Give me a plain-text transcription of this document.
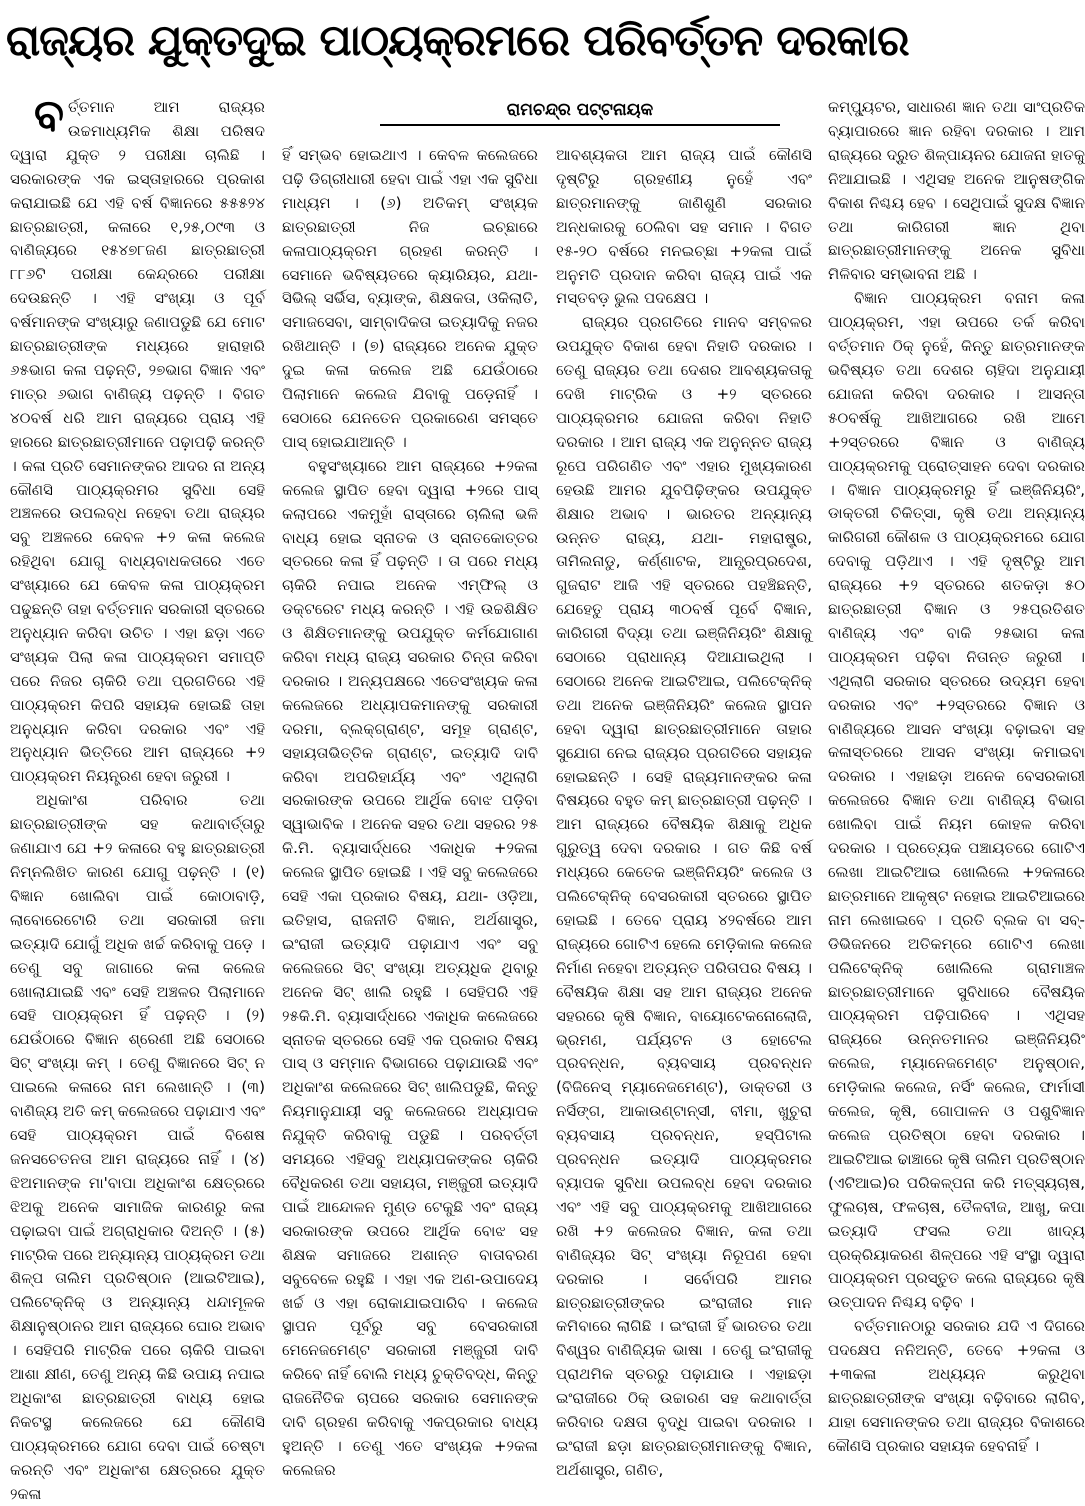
ରାଜ୍ୟର ଯୁକ୍ତଦୁଇ ପାଠ୍ୟକ୍ରମରେ ପରିବର୍ତ୍ତନ ଦରକାର
ରାମଚନ୍ଦ୍ର ପଟ୍ଟନାୟକ

ବର୍ତ୍ତମାନ ଆମ ରାଜ୍ୟର ଉଚ୍ଚମାଧ୍ୟମିକ ଶିକ୍ଷା ପରିଷଦ ଦ୍ୱାରା ଯୁକ୍ତ ୨ ପରୀକ୍ଷା ଚାଲିଛି । ସରକାରଙ୍କ ଏକ ଇସ୍ତାହାରରେ ପ୍ରକାଶ କରାଯାଇଛି ଯେ ଏହି ବର୍ଷ ବିଜ୍ଞାନରେ ୫୫୫୨୪ ଛାତ୍ରଛାତ୍ରୀ, କଳାରେ ୧,୨୫,୦୯୩ ଓ ବାଣିଜ୍ୟରେ ୧୫୪୭୮ଜଣ ଛାତ୍ରଛାତ୍ରୀ ୮୮୬ଟି ପରୀକ୍ଷା କେନ୍ଦ୍ରରେ ପରୀକ୍ଷା ଦେଉଛନ୍ତି । ଏହି ସଂଖ୍ୟା ଓ ପୂର୍ବ ବର୍ଷମାନଙ୍କ ସଂଖ୍ୟାରୁ ଜଣାପଡୁଛି ଯେ ମୋଟ ଛାତ୍ରଛାତ୍ରୀଙ୍କ ମଧ୍ୟରେ ହାରାହାରି ୬୫ଭାଗ କଳା ପଢ଼ନ୍ତି, ୨୭ଭାଗ ବିଜ୍ଞାନ ଏବଂ ମାତ୍ର ୬ଭାଗ ବାଣିଜ୍ୟ ପଢ଼ନ୍ତି । ବିଗତ ୪୦ବର୍ଷ ଧରି ଆମ ରାଜ୍ୟରେ ପ୍ରାୟ ଏହି ହାରରେ ଛାତ୍ରଛାତ୍ରୀମାନେ ପଢ଼ାପଢ଼ି କରନ୍ତି । କଳା ପ୍ରତି ସେମାନଙ୍କର ଆଦର ନା ଅନ୍ୟ କୌଣସି ପାଠ୍ୟକ୍ରମର ସୁବିଧା ସେହି ଅଞ୍ଚଳରେ ଉପଲବ୍ଧ ନହେବା ତଥା ରାଜ୍ୟର ସବୁ ଅଞ୍ଚଳରେ କେବଳ +୨ କଳା କଲେଜ ରହିଥିବା ଯୋଗୁ ବାଧ୍ୟବାଧକତାରେ ଏତେ ସଂଖ୍ୟାରେ ଯେ କେବଳ କଳା ପାଠ୍ୟକ୍ରମ ପଢୁଛନ୍ତି ତାହା ବର୍ତ୍ତମାନ ସରକାରୀ ସ୍ତରରେ ଅନୁଧ୍ୟାନ କରିବା ଉଚିତ । ଏହା ଛଡ଼ା ଏତେ ସଂଖ୍ୟକ ପିଲା କଳା ପାଠ୍ୟକ୍ରମ ସମାପ୍ତି ପରେ ନିଜର ଚାକିରି ତଥା ପ୍ରଗତିରେ ଏହି ପାଠ୍ୟକ୍ରମ କିପରି ସହାୟକ ହୋଇଛି ତାହା ଅନୁଧ୍ୟାନ କରିବା ଦରକାର ଏବଂ ଏହି ଅନୁଧ୍ୟାନ ଭିତ୍ତିରେ ଆମ ରାଜ୍ୟରେ +୨ ପାଠ୍ୟକ୍ରମ ନିୟନ୍ତ୍ରଣ ହେବା ଜରୁରୀ ।

ଅଧିକାଂଶ ପରିବାର ତଥା ଛାତ୍ରଛାତ୍ରୀଙ୍କ ସହ କଥାବାର୍ତ୍ତାରୁ ଜଣାଯାଏ ଯେ +୨ କଳାରେ ବହୁ ଛାତ୍ରଛାତ୍ରୀ ନିମ୍ନଲିଖିତ କାରଣ ଯୋଗୁ ପଢ଼ନ୍ତି । (୧) ବିଜ୍ଞାନ ଖୋଲିବା ପାଇଁ କୋଠାବାଡ଼ି, ଲାବୋରେଟୋରି ତଥା ସରକାରୀ ଜମା ଇତ୍ୟାଦି ଯୋଗୁଁ ଅଧିକ ଖର୍ଚ୍ଚ କରିବାକୁ ପଡ଼େ । ତେଣୁ ସବୁ ଜାଗାରେ କଳା କଲେଜ ଖୋଲାଯାଇଛି ଏବଂ ସେହି ଅଞ୍ଚଳର ପିଲାମାନେ ସେହି ପାଠ୍ୟକ୍ରମ ହିଁ ପଢ଼ନ୍ତି । (୨) ଯେଉଁଠାରେ ବିଜ୍ଞାନ ଶ୍ରେଣୀ ଅଛି ସେଠାରେ ସିଟ୍ ସଂଖ୍ୟା କମ୍ । ତେଣୁ ବିଜ୍ଞାନରେ ସିଟ୍ ନ ପାଇଲେ କଳାରେ ନାମ ଲେଖାନ୍ତି । (୩) ବାଣିଜ୍ୟ ଅତି କମ୍ କଲେଜରେ ପଢ଼ାଯାଏ ଏବଂ ସେହି ପାଠ୍ୟକ୍ରମ ପାଇଁ ବିଶେଷ ଜନସଚେତନତା ଆମ ରାଜ୍ୟରେ ନାହିଁ । (୪) ଝିଅମାନଙ୍କ ମା'ବାପା ଅଧିକାଂଶ କ୍ଷେତ୍ରରେ ଝିଅକୁ ଅନେକ ସାମାଜିକ କାରଣରୁ କଳା ପଢ଼ାଇବା ପାଇଁ ଅଗ୍ରାଧିକାର ଦିଅନ୍ତି । (୫) ମାଟ୍ରିକ ପରେ ଅନ୍ୟାନ୍ୟ ପାଠ୍ୟକ୍ରମ ତଥା ଶିଳ୍ପ ତାଲିମ ପ୍ରତିଷ୍ଠାନ (ଆଇଟିଆଇ), ପଲିଟେକ୍ନିକ୍ ଓ ଅନ୍ୟାନ୍ୟ ଧନ୍ଦାମୂଳକ ଶିକ୍ଷାନୁଷ୍ଠାନର ଆମ ରାଜ୍ୟରେ ଘୋର ଅଭାବ । ସେହିପରି ମାଟ୍ରିକ ପରେ ଚାକିରି ପାଇବା ଆଶା କ୍ଷୀଣ, ତେଣୁ ଅନ୍ୟ କିଛି ଉପାୟ ନପାଇ ଅଧିକାଂଶ ଛାତ୍ରଛାତ୍ରୀ ବାଧ୍ୟ ହୋଇ ନିକଟସ୍ଥ କଲେଜରେ ଯେ କୌଣସି ପାଠ୍ୟକ୍ରମରେ ଯୋଗ ଦେବା ପାଇଁ ଚେଷ୍ଟା କରନ୍ତି ଏବଂ ଅଧିକାଂଶ କ୍ଷେତ୍ରରେ ଯୁକ୍ତ ୨କଳା

ହିଁ ସମ୍ଭବ ହୋଇଥାଏ । କେବଳ କଲେଜରେ ପଢ଼ି ଡିଗ୍ରୀଧାରୀ ହେବା ପାଇଁ ଏହା ଏକ ସୁବିଧା ମାଧ୍ୟମ । (୬) ଅତିକମ୍ ସଂଖ୍ୟକ ଛାତ୍ରଛାତ୍ରୀ ନିଜ ଇଚ୍ଛାରେ କଳାପାଠ୍ୟକ୍ରମ ଗ୍ରହଣ କରନ୍ତି । ସେମାନେ ଭବିଷ୍ୟତରେ କ୍ୟାରିୟର, ଯଥା- ସିଭିଲ୍ ସର୍ଭିସ, ବ୍ୟାଙ୍କ, ଶିକ୍ଷକତା, ଓକିଲାତି, ସମାଜସେବା, ସାମ୍ବାଦିକତା ଇତ୍ୟାଦିକୁ ନଜର ରଖିଥାନ୍ତି । (୭) ରାଜ୍ୟରେ ଅନେକ ଯୁକ୍ତ ଦୁଇ କଳା କଲେଜ ଅଛି ଯେଉଁଠାରେ ପିଲାମାନେ କଲେଜ ଯିବାକୁ ପଡ଼େନାହିଁ । ସେଠାରେ ଯେନତେନ ପ୍ରକାରେଣ ସମସ୍ତେ ପାସ୍ ହୋଇଯାଆନ୍ତି ।

ବହୁସଂଖ୍ୟାରେ ଆମ ରାଜ୍ୟରେ +୨କଳା କଲେଜ ସ୍ଥାପିତ ହେବା ଦ୍ୱାରା +୨ରେ ପାସ୍ କଲାପରେ ଏକମୁହାଁ ରାସ୍ତାରେ ଚାଲିଲା ଭଳି ବାଧ୍ୟ ହୋଇ ସ୍ନାତକ ଓ ସ୍ନାତକୋତ୍ତର ସ୍ତରରେ କଳା ହିଁ ପଢ଼ନ୍ତି । ତା ପରେ ମଧ୍ୟ ଚାକିରି ନପାଇ ଅନେକ ଏମ୍‌ଫିଲ୍ ଓ ଡକ୍ଟରେଟ ମଧ୍ୟ କରନ୍ତି । ଏହି ଉଚ୍ଚଶିକ୍ଷିତ ଓ ଶିକ୍ଷିତମାନଙ୍କୁ ଉପଯୁକ୍ତ କର୍ମଯୋଗାଣ କରିବା ମଧ୍ୟ ରାଜ୍ୟ ସରକାର ଚିନ୍ତା କରିବା ଦରକାର । ଅନ୍ୟପକ୍ଷରେ ଏତେସଂଖ୍ୟକ କଳା କଲେଜରେ ଅଧ୍ୟାପକମାନଙ୍କୁ ସରକାରୀ ଦରମା, ବ୍ଲକ୍‌ଗ୍ରାଣ୍ଟ, ସମୂହ ଗ୍ରାଣ୍ଟ, ସହାୟତାଭିତ୍ତିକ ଗ୍ରାଣ୍ଟ, ଇତ୍ୟାଦି ଦାବି କରିବା ଅପରିହାର୍ଯ୍ୟ ଏବଂ ଏଥିଲାଗି ସରକାରଙ୍କ ଉପରେ ଆର୍ଥିକ ବୋଝ ପଡ଼ିବା ସ୍ୱାଭାବିକ । ଅନେକ ସହର ତଥା ସହରର ୨୫ କି.ମି. ବ୍ୟାସାର୍ଦ୍ଧରେ ଏକାଧିକ +୨କଳା କଲେଜ ସ୍ଥାପିତ ହୋଇଛି । ଏହି ସବୁ କଲେଜରେ ସେହି ଏକା ପ୍ରକାର ବିଷୟ, ଯଥା- ଓଡ଼ିଆ, ଇତିହାସ, ରାଜନୀତି ବିଜ୍ଞାନ, ଅର୍ଥଶାସ୍ତ୍ର, ଇଂରାଜୀ ଇତ୍ୟାଦି ପଢ଼ାଯାଏ ଏବଂ ସବୁ କଲେଜରେ ସିଟ୍ ସଂଖ୍ୟା ଅତ୍ୟଧିକ ଥିବାରୁ ଅନେକ ସିଟ୍ ଖାଲି ରହୁଛି । ସେହିପରି ଏହି ୨୫କି.ମି. ବ୍ୟାସାର୍ଦ୍ଧରେ ଏକାଧିକ କଲେଜରେ ସ୍ନାତକ ସ୍ତରରେ ସେହି ଏକ ପ୍ରକାର ବିଷୟ ପାସ୍ ଓ ସମ୍ମାନ ବିଭାଗରେ ପଢ଼ାଯାଉଛି ଏବଂ ଅଧିକାଂଶ କଲେଜରେ ସିଟ୍ ଖାଲିପଡୁଛି, କିନ୍ତୁ ନିୟମାନୁଯାୟୀ ସବୁ କଲେଜରେ ଅଧ୍ୟାପକ ନିଯୁକ୍ତି କରିବାକୁ ପଡୁଛି । ପରବର୍ତ୍ତୀ ସମୟରେ ଏହିସବୁ ଅଧ୍ୟାପକଙ୍କର ଚାକିରି ବୈଧିକରଣ ତଥା ସହାୟତା, ମଞ୍ଜୁରୀ ଇତ୍ୟାଦି ପାଇଁ ଆନ୍ଦୋଳନ ମୁଣ୍ଡ ଟେକୁଛି ଏବଂ ରାଜ୍ୟ ସରକାରଙ୍କ ଉପରେ ଆର୍ଥିକ ବୋଝ ସହ ଶିକ୍ଷକ ସମାଜରେ ଅଶାନ୍ତ ବାତାବରଣ ସବୁବେଳେ ରହୁଛି । ଏହା ଏକ ଅଣ-ଉପାଦେୟ ଖର୍ଚ୍ଚ ଓ ଏହା ରୋକାଯାଇପାରିବ । କଲେଜ ସ୍ଥାପନ ପୂର୍ବରୁ ସବୁ ବେସରକାରୀ ମେନେଜମେଣ୍ଟ ସରକାରୀ ମଞ୍ଜୁରୀ ଦାବି କରିବେ ନାହିଁ ବୋଲି ମଧ୍ୟ ଚୁକ୍ତିବଦ୍ଧ, କିନ୍ତୁ ରାଜନୈତିକ ଚାପରେ ସରକାର ସେମାନଙ୍କ ଦାବି ଗ୍ରହଣ କରିବାକୁ ଏକପ୍ରକାର ବାଧ୍ୟ ହୁଅନ୍ତି । ତେଣୁ ଏତେ ସଂଖ୍ୟକ +୨କଳା କଲେଜର

ଆବଶ୍ୟକତା ଆମ ରାଜ୍ୟ ପାଇଁ କୌଣସି ଦୃଷ୍ଟିରୁ ଗ୍ରହଣୀୟ ନୁହେଁ ଏବଂ ଛାତ୍ରମାନଙ୍କୁ ଜାଣିଶୁଣି ସରକାର ଅନ୍ଧକାରକୁ ଠେଲିବା ସହ ସମାନ । ବିଗତ ୧୫-୨୦ ବର୍ଷରେ ମନଇଚ୍ଛା +୨କଳା ପାଇଁ ଅନୁମତି ପ୍ରଦାନ କରିବା ରାଜ୍ୟ ପାଇଁ ଏକ ମସ୍ତବଡ଼ ଭୁଲ ପଦକ୍ଷେପ ।

ରାଜ୍ୟର ପ୍ରଗତିରେ ମାନବ ସମ୍ବଳର ଉପଯୁକ୍ତ ବିକାଶ ହେବା ନିହାତି ଦରକାର । ତେଣୁ ରାଜ୍ୟର ତଥା ଦେଶର ଆବଶ୍ୟକତାକୁ ଦେଖି ମାଟ୍ରିକ ଓ +୨ ସ୍ତରରେ ପାଠ୍ୟକ୍ରମର ଯୋଜନା କରିବା ନିହାତି ଦରକାର । ଆମ ରାଜ୍ୟ ଏକ ଅନୁନ୍ନତ ରାଜ୍ୟ ରୂପେ ପରିଗଣିତ ଏବଂ ଏହାର ମୁଖ୍ୟକାରଣ ହେଉଛି ଆମର ଯୁବପିଢ଼ିଙ୍କର ଉପଯୁକ୍ତ ଶିକ୍ଷାର ଅଭାବ । ଭାରତର ଅନ୍ୟାନ୍ୟ ଉନ୍ନତ ରାଜ୍ୟ, ଯଥା- ମହାରାଷ୍ଟ୍ର, ତାମିଲନାଡୁ, କର୍ଣ୍ଣାଟକ, ଆନ୍ଧ୍ରପ୍ରଦେଶ, ଗୁଜରାଟ ଆଜି ଏହି ସ୍ତରରେ ପହଞ୍ଚିଛନ୍ତି, ଯେହେତୁ ପ୍ରାୟ ୩୦ବର୍ଷ ପୂର୍ବେ ବିଜ୍ଞାନ, କାରିଗରୀ ବିଦ୍ୟା ତଥା ଇଞ୍ଜିନିୟରିଂ ଶିକ୍ଷାକୁ ସେଠାରେ ପ୍ରାଧାନ୍ୟ ଦିଆଯାଇଥିଲା । ସେଠାରେ ଅନେକ ଆଇଟିଆଇ, ପଲିଟେକ୍ନିକ୍ ତଥା ଅନେକ ଇଞ୍ଜିନିୟରିଂ କଲେଜ ସ୍ଥାପନ ହେବା ଦ୍ୱାରା ଛାତ୍ରଛାତ୍ରୀମାନେ ତାହାର ସୁଯୋଗ ନେଇ ରାଜ୍ୟର ପ୍ରଗତିରେ ସହାୟକ ହୋଇଛନ୍ତି । ସେହି ରାଜ୍ୟମାନଙ୍କର କଳା ବିଷୟରେ ବହୁତ କମ୍ ଛାତ୍ରଛାତ୍ରୀ ପଢ଼ନ୍ତି । ଆମ ରାଜ୍ୟରେ ବୈଷୟିକ ଶିକ୍ଷାକୁ ଅଧିକ ଗୁରୁତ୍ୱ ଦେବା ଦରକାର । ଗତ କିଛି ବର୍ଷ ମଧ୍ୟରେ କେତେକ ଇଞ୍ଜିନିୟରିଂ କଲେଜ ଓ ପଲିଟେକ୍ନିକ୍ ବେସରକାରୀ ସ୍ତରରେ ସ୍ଥାପିତ ହୋଇଛି । ତେବେ ପ୍ରାୟ ୪୨ବର୍ଷରେ ଆମ ରାଜ୍ୟରେ ଗୋଟିଏ ହେଲେ ମେଡ଼ିକାଲ କଲେଜ ନିର୍ମାଣ ନହେବା ଅତ୍ୟନ୍ତ ପରିତାପର ବିଷୟ । ବୈଷୟିକ ଶିକ୍ଷା ସହ ଆମ ରାଜ୍ୟର ଅନେକ ସହରରେ କୃଷି ବିଜ୍ଞାନ, ବାୟୋଟେକନୋଲୋଜି, ଭ୍ରମଣ, ପର୍ଯ୍ୟଟନ ଓ ହୋଟେଲ ପ୍ରବନ୍ଧନ, ବ୍ୟବସାୟ ପ୍ରବନ୍ଧନ (ବିଜିନେସ୍ ମ୍ୟାନେଜମେଣ୍ଟ), ଡାକ୍ତରୀ ଓ ନର୍ସିଙ୍ଗ, ଆକାଉଣ୍ଟାନ୍‌ସୀ, ବୀମା, ଖୁଚୁରା ବ୍ୟବସାୟ ପ୍ରବନ୍ଧନ, ହସ୍‌ପିଟାଲ ପ୍ରବନ୍ଧନ ଇତ୍ୟାଦି ପାଠ୍ୟକ୍ରମର ବ୍ୟାପକ ସୁବିଧା ଉପଲବ୍ଧ ହେବା ଦରକାର ଏବଂ ଏହି ସବୁ ପାଠ୍ୟକ୍ରମକୁ ଆଖିଆଗରେ ରଖି +୨ କଲେଜର ବିଜ୍ଞାନ, କଳା ତଥା ବାଣିଜ୍ୟର ସିଟ୍ ସଂଖ୍ୟା ନିରୂପଣ ହେବା ଦରକାର । ସର୍ବୋପରି ଆମର ଛାତ୍ରଛାତ୍ରୀଙ୍କର ଇଂରାଜୀର ମାନ କମିବାରେ ଲାଗିଛି । ଇଂରାଜୀ ହିଁ ଭାରତର ତଥା ବିଶ୍ୱର ବାଣିଜ୍ୟିକ ଭାଷା । ତେଣୁ ଇଂରାଜୀକୁ ପ୍ରାଥମିକ ସ୍ତରରୁ ପଢ଼ାଯାଉ । ଏହାଛଡ଼ା ଇଂରାଜୀରେ ଠିକ୍ ଉଚ୍ଚାରଣ ସହ କଥାବାର୍ତ୍ତା କରିବାର ଦକ୍ଷତା ବୃଦ୍ଧି ପାଇବା ଦରକାର । ଇଂରାଜୀ ଛଡ଼ା ଛାତ୍ରଛାତ୍ରୀମାନଙ୍କୁ ବିଜ୍ଞାନ, ଅର୍ଥଶାସ୍ତ୍ର, ଗଣିତ,

କମ୍ପ୍ୟୁଟର, ସାଧାରଣ ଜ୍ଞାନ ତଥା ସାଂପ୍ରତିକ ବ୍ୟାପାରରେ ଜ୍ଞାନ ରହିବା ଦରକାର । ଆମ ରାଜ୍ୟରେ ଦ୍ରୁତ ଶିଳ୍ପାୟନର ଯୋଜନା ହାତକୁ ନିଆଯାଇଛି । ଏଥିସହ ଅନେକ ଆନୁଷଙ୍ଗିକ ବିକାଶ ନିଶ୍ଚୟ ହେବ । ସେଥିପାଇଁ ସୁଦକ୍ଷ ବିଜ୍ଞାନ ତଥା କାରିଗରୀ ଜ୍ଞାନ ଥିବା ଛାତ୍ରଛାତ୍ରୀମାନଙ୍କୁ ଅନେକ ସୁବିଧା ମିଳିବାର ସମ୍ଭାବନା ଅଛି ।

ବିଜ୍ଞାନ ପାଠ୍ୟକ୍ରମ ବନାମ କଳା ପାଠ୍ୟକ୍ରମ, ଏହା ଉପରେ ତର୍କ କରିବା ବର୍ତ୍ତମାନ ଠିକ୍ ନୁହେଁ, କିନ୍ତୁ ଛାତ୍ରମାନଙ୍କ ଭବିଷ୍ୟତ ତଥା ଦେଶର ଚାହିଦା ଅନୁଯାୟୀ ଯୋଜନା କରିବା ଦରକାର । ଆସନ୍ତା ୫୦ବର୍ଷକୁ ଆଖିଆଗରେ ରଖି ଆମେ +୨ସ୍ତରରେ ବିଜ୍ଞାନ ଓ ବାଣିଜ୍ୟ ପାଠ୍ୟକ୍ରମକୁ ପ୍ରୋତ୍ସାହନ ଦେବା ଦରକାର । ବିଜ୍ଞାନ ପାଠ୍ୟକ୍ରମରୁ ହିଁ ଇଞ୍ଜିନିୟରିଂ, ଡାକ୍ତରୀ ଚିକିତ୍ସା, କୃଷି ତଥା ଅନ୍ୟାନ୍ୟ କାରିଗରୀ କୌଶଳ ଓ ପାଠ୍ୟକ୍ରମରେ ଯୋଗ ଦେବାକୁ ପଡ଼ିଥାଏ । ଏହି ଦୃଷ୍ଟିରୁ ଆମ ରାଜ୍ୟରେ +୨ ସ୍ତରରେ ଶତକଡ଼ା ୫୦ ଛାତ୍ରଛାତ୍ରୀ ବିଜ୍ଞାନ ଓ ୨୫ପ୍ରତିଶତ ବାଣିଜ୍ୟ ଏବଂ ବାକି ୨୫ଭାଗ କଳା ପାଠ୍ୟକ୍ରମ ପଢ଼ିବା ନିତାନ୍ତ ଜରୁରୀ । ଏଥିଲାଗି ସରକାର ସ୍ତରରେ ଉଦ୍ୟମ ହେବା ଦରକାର ଏବଂ +୨ସ୍ତରରେ ବିଜ୍ଞାନ ଓ ବାଣିଜ୍ୟରେ ଆସନ ସଂଖ୍ୟା ବଢ଼ାଇବା ସହ କଳାସ୍ତରରେ ଆସନ ସଂଖ୍ୟା କମାଇବା ଦରକାର । ଏହାଛଡ଼ା ଅନେକ ବେସରକାରୀ କଲେଜରେ ବିଜ୍ଞାନ ତଥା ବାଣିଜ୍ୟ ବିଭାଗ ଖୋଲିବା ପାଇଁ ନିୟମ କୋହଳ କରିବା ଦରକାର । ପ୍ରତ୍ୟେକ ପଞ୍ଚାୟତରେ ଗୋଟିଏ ଲେଖା ଆଇଟିଆଇ ଖୋଲିଲେ +୨କଳାରେ ଛାତ୍ରମାନେ ଆକୃଷ୍ଟ ନହୋଇ ଆଇଟିଆଇରେ ନାମ ଲେଖାଇବେ । ପ୍ରତି ବ୍ଲକ ବା ସବ୍-ଡିଭିଜନରେ ଅତିକମ୍‌ରେ ଗୋଟିଏ ଲେଖା ପଲିଟେକ୍ନିକ୍ ଖୋଲିଲେ ଗ୍ରାମାଞ୍ଚଳ ଛାତ୍ରଛାତ୍ରୀମାନେ ସୁବିଧାରେ ବୈଷୟିକ ପାଠ୍ୟକ୍ରମ ପଢ଼ିପାରିବେ । ଏଥିସହ ରାଜ୍ୟରେ ଉନ୍ନତମାନର ଇଞ୍ଜିନିୟରିଂ କଲେଜ, ମ୍ୟାନେଜମେଣ୍ଟ ଅନୁଷ୍ଠାନ, ମେଡ଼ିକାଲ କଲେଜ, ନର୍ସିଂ କଲେଜ, ଫାର୍ମାସୀ କଲେଜ, କୃଷି, ଗୋପାଳନ ଓ ପଶୁବିଜ୍ଞାନ କଲେଜ ପ୍ରତିଷ୍ଠା ହେବା ଦରକାର । ଆଇଟିଆଇ ଢାଞ୍ଚାରେ କୃଷି ତାଲିମ ପ୍ରତିଷ୍ଠାନ (ଏଟିଆଇ)ର ପରିକଳ୍ପନା କରି ମତ୍ସ୍ୟଚାଷ, ଫୁଲଚାଷ, ଫଳଚାଷ, ତୈଳବୀଜ, ଆଖୁ, କପା ଇତ୍ୟାଦି ଫସଲ ତଥା ଖାଦ୍ୟ ପ୍ରକ୍ରିୟାକରଣ ଶିଳ୍ପରେ ଏହି ସଂସ୍ଥା ଦ୍ୱାରା ପାଠ୍ୟକ୍ରମ ପ୍ରସ୍ତୁତ କଲେ ରାଜ୍ୟରେ କୃଷି ଉତ୍ପାଦନ ନିଶ୍ଚୟ ବଢ଼ିବ ।

ବର୍ତ୍ତମାନଠାରୁ ସରକାର ଯଦି ଏ ଦିଗରେ ପଦକ୍ଷେପ ନନିଅନ୍ତି, ତେବେ +୨କଳା ଓ +୩କଳା ଅଧ୍ୟୟନ କରୁଥିବା ଛାତ୍ରଛାତ୍ରୀଙ୍କ ସଂଖ୍ୟା ବଢ଼ିବାରେ ଲାଗିବ, ଯାହା ସେମାନଙ୍କର ତଥା ରାଜ୍ୟର ବିକାଶରେ କୌଣସି ପ୍ରକାର ସହାୟକ ହେବନାହିଁ ।
